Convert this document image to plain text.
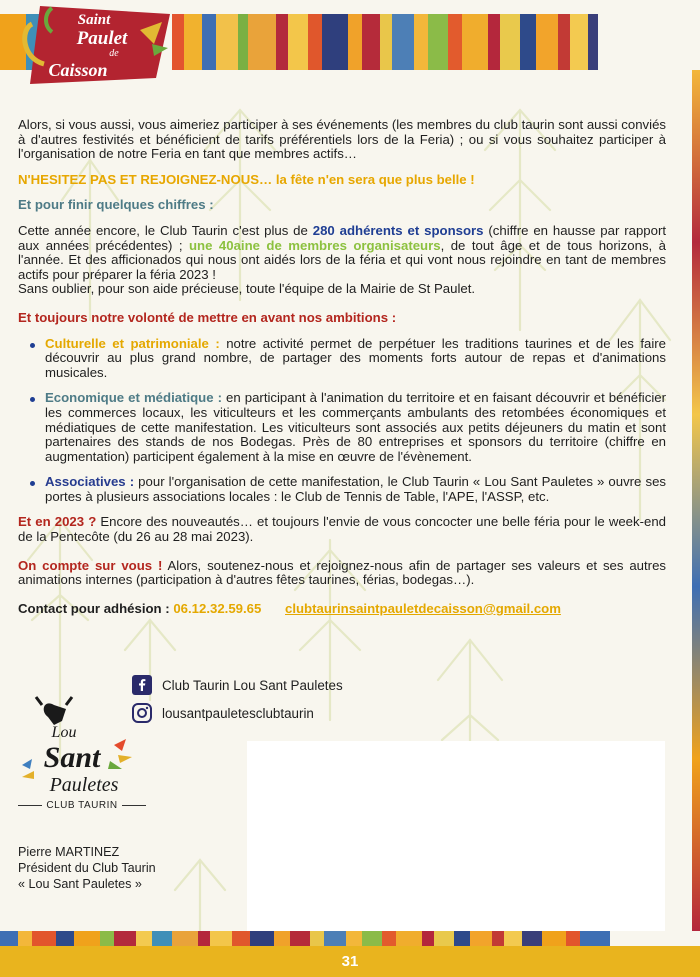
Saint
Paulet
de
Caisson

Alors, si vous aussi, vous aimeriez participer à ses événements (les membres du club taurin sont aussi conviés à d'autres festivités et bénéficient de tarifs préférentiels lors de la Feria) ; ou si vous souhaitez participer à l'organisation de notre Feria en tant que membres actifs…

N'HESITEZ PAS ET REJOIGNEZ-NOUS… la fête n'en sera que plus belle !

Et pour finir quelques chiffres :

Cette année encore, le Club Taurin c'est plus de 280 adhérents et sponsors (chiffre en hausse par rapport aux années précédentes) ; une 40aine de membres organisateurs, de tout âge et de tous horizons, à l'année. Et des afficionados qui nous ont aidés lors de la féria et qui vont nous rejoindre en tant de membres actifs pour préparer la féria 2023 !

Sans oublier, pour son aide précieuse, toute l'équipe de la Mairie de St Paulet.

Et toujours notre volonté de mettre en avant nos ambitions :

Culturelle et patrimoniale : notre activité permet de perpétuer les traditions taurines et de les faire découvrir au plus grand nombre, de partager des moments forts autour de repas et d'animations musicales.
Economique et médiatique : en participant à l'animation du territoire et en faisant découvrir et bénéficier les commerces locaux, les viticulteurs et les commerçants ambulants des retombées économiques et médiatiques de cette manifestation. Les viticulteurs sont associés aux petits déjeuners du matin et sont partenaires des stands de nos Bodegas. Près de 80 entreprises et sponsors du territoire (chiffre en augmentation) participent également à la mise en œuvre de l'évènement.
Associatives : pour l'organisation de cette manifestation, le Club Taurin « Lou Sant Pauletes » ouvre ses portes à plusieurs associations locales : le Club de Tennis de Table, l'APE, l'ASSP, etc.

Et en 2023 ? Encore des nouveautés… et toujours l'envie de vous concocter une belle féria pour le week-end de la Pentecôte (du 26 au 28 mai 2023).

On compte sur vous ! Alors, soutenez-nous et rejoignez-nous afin de partager ses valeurs et ses autres animations internes (participation à d'autres fêtes taurines, férias, bodegas…).

Contact pour adhésion : 06.12.32.59.65 clubtaurinsaintpauletdecaisson@gmail.com

Club Taurin Lou Sant Pauletes
lousantpauletesclubtaurin
Lou
Sant
Pauletes
CLUB TAURIN
Pierre MARTINEZ
Président du Club Taurin
« Lou Sant Pauletes »
31
